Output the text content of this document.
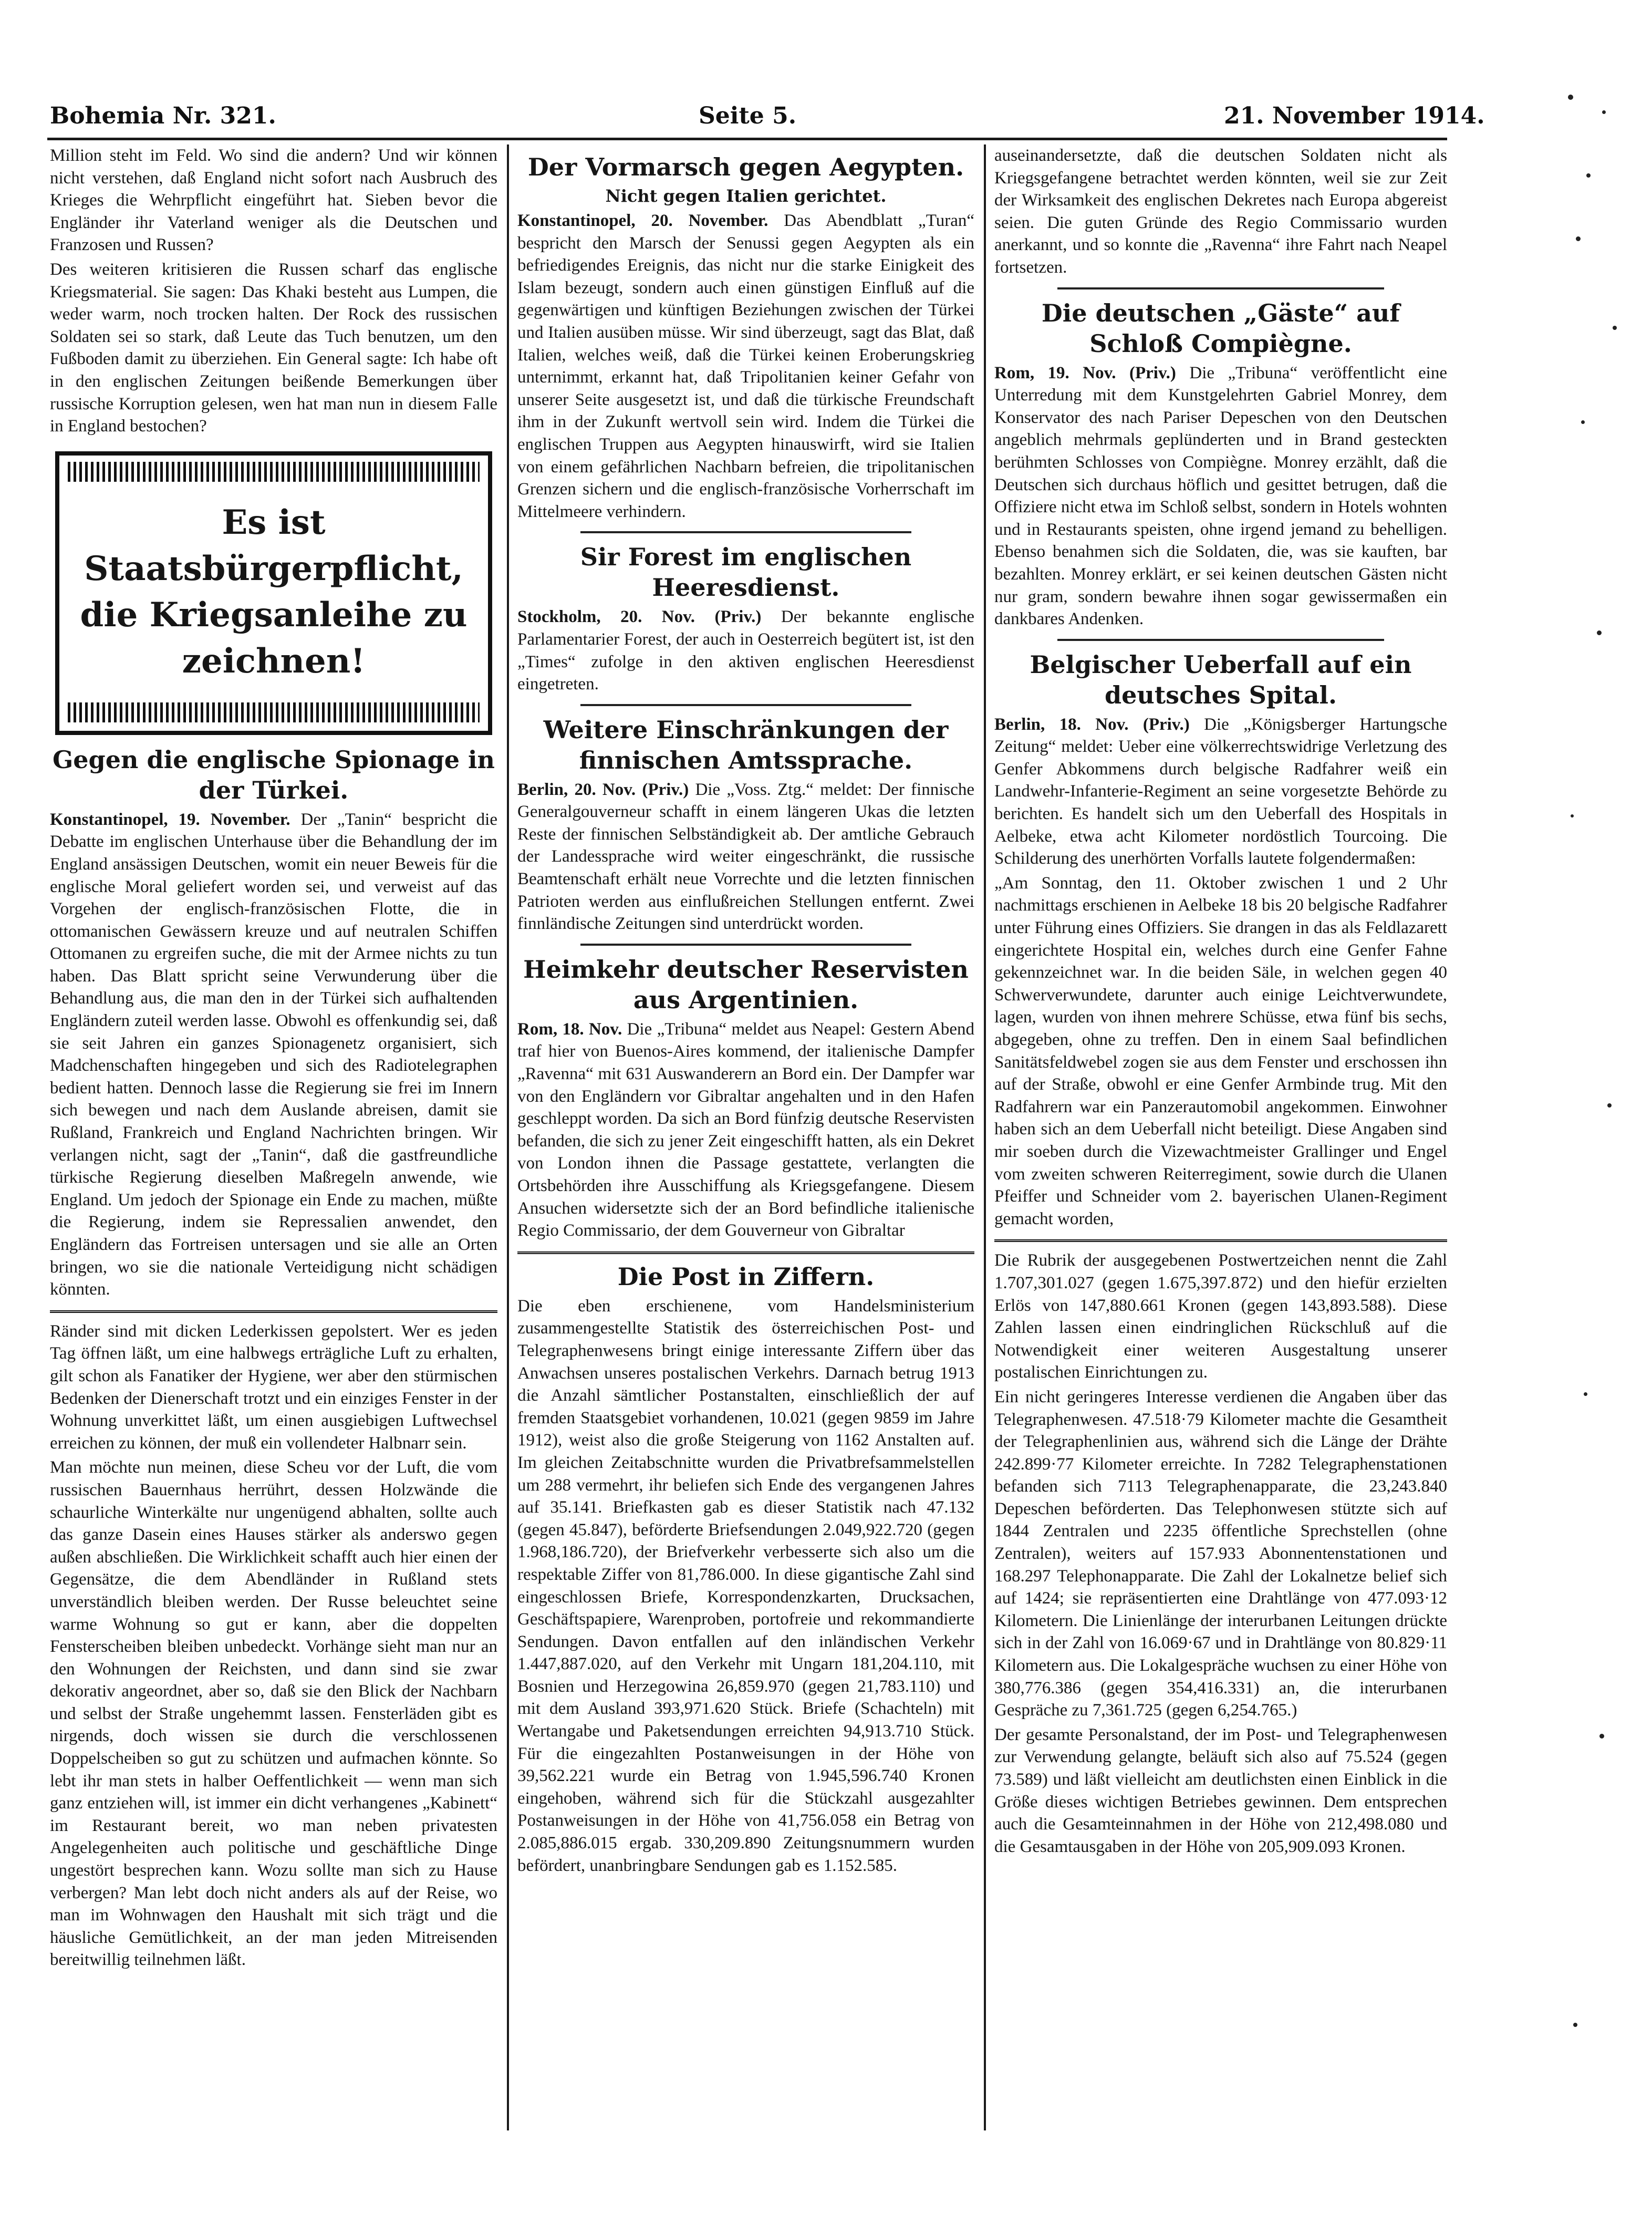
Bohemia Nr. 321.	Seite 5.	21. November 1914.

Million steht im Feld. Wo sind die andern? Und wir können nicht verstehen, daß England nicht sofort nach Ausbruch des Krieges die Wehrpflicht eingeführt hat. Sieben bevor die Engländer ihr Vaterland weniger als die Deutschen und Franzosen und Russen?

Des weiteren kritisieren die Russen scharf das englische Kriegsmaterial. Sie sagen: Das Khaki besteht aus Lumpen, die weder warm, noch trocken halten. Der Rock des russischen Soldaten sei so stark, daß Leute das Tuch benutzen, um den Fußboden damit zu überziehen. Ein General sagte: Ich habe oft in den englischen Zeitungen beißende Bemerkungen über russische Korruption gelesen, wen hat man nun in diesem Falle in England bestochen?

Es ist Staatsbürgerpflicht, die Kriegsanleihe zu zeichnen!
Gegen die englische Spionage in der Türkei.

Konstantinopel, 19. November. Der „Tanin“ bespricht die Debatte im englischen Unterhause über die Behandlung der im England ansässigen Deutschen, womit ein neuer Beweis für die englische Moral geliefert worden sei, und verweist auf das Vorgehen der englisch-französischen Flotte, die in ottomanischen Gewässern kreuze und auf neutralen Schiffen Ottomanen zu ergreifen suche, die mit der Armee nichts zu tun haben. Das Blatt spricht seine Verwunderung über die Behandlung aus, die man den in der Türkei sich aufhaltenden Engländern zuteil werden lasse. Obwohl es offenkundig sei, daß sie seit Jahren ein ganzes Spionagenetz organisiert, sich Madchenschaften hingegeben und sich des Radiotelegraphen bedient hatten. Dennoch lasse die Regierung sie frei im Innern sich bewegen und nach dem Auslande abreisen, damit sie Rußland, Frankreich und England Nachrichten bringen. Wir verlangen nicht, sagt der „Tanin“, daß die gastfreundliche türkische Regierung dieselben Maßregeln anwende, wie England. Um jedoch der Spionage ein Ende zu machen, müßte die Regierung, indem sie Repressalien anwendet, den Engländern das Fortreisen untersagen und sie alle an Orten bringen, wo sie die nationale Verteidigung nicht schädigen könnten.

Ränder sind mit dicken Lederkissen gepolstert. Wer es jeden Tag öffnen läßt, um eine halbwegs erträgliche Luft zu erhalten, gilt schon als Fanatiker der Hygiene, wer aber den stürmischen Bedenken der Dienerschaft trotzt und ein einziges Fenster in der Wohnung unverkittet läßt, um einen ausgiebigen Luftwechsel erreichen zu können, der muß ein vollendeter Halbnarr sein.

Man möchte nun meinen, diese Scheu vor der Luft, die vom russischen Bauernhaus herrührt, dessen Holzwände die schaurliche Winterkälte nur ungenügend abhalten, sollte auch das ganze Dasein eines Hauses stärker als anderswo gegen außen abschließen. Die Wirklichkeit schafft auch hier einen der Gegensätze, die dem Abendländer in Rußland stets unverständlich bleiben werden. Der Russe beleuchtet seine warme Wohnung so gut er kann, aber die doppelten Fensterscheiben bleiben unbedeckt. Vorhänge sieht man nur an den Wohnungen der Reichsten, und dann sind sie zwar dekorativ angeordnet, aber so, daß sie den Blick der Nachbarn und selbst der Straße ungehemmt lassen. Fensterläden gibt es nirgends, doch wissen sie durch die verschlossenen Doppelscheiben so gut zu schützen und aufmachen könnte. So lebt ihr man stets in halber Oeffentlichkeit — wenn man sich ganz entziehen will, ist immer ein dicht verhangenes „Kabinett“ im Restaurant bereit, wo man neben privatesten Angelegenheiten auch politische und geschäftliche Dinge ungestört besprechen kann. Wozu sollte man sich zu Hause verbergen? Man lebt doch nicht anders als auf der Reise, wo man im Wohnwagen den Haushalt mit sich trägt und die häusliche Gemütlichkeit, an der man jeden Mitreisenden bereitwillig teilnehmen läßt.

Der Vormarsch gegen Aegypten.
Nicht gegen Italien gerichtet.

Konstantinopel, 20. November. Das Abendblatt „Turan“ bespricht den Marsch der Senussi gegen Aegypten als ein befriedigendes Ereignis, das nicht nur die starke Einigkeit des Islam bezeugt, sondern auch einen günstigen Einfluß auf die gegenwärtigen und künftigen Beziehungen zwischen der Türkei und Italien ausüben müsse. Wir sind überzeugt, sagt das Blat, daß Italien, welches weiß, daß die Türkei keinen Eroberungskrieg unternimmt, erkannt hat, daß Tripolitanien keiner Gefahr von unserer Seite ausgesetzt ist, und daß die türkische Freundschaft ihm in der Zukunft wertvoll sein wird. Indem die Türkei die englischen Truppen aus Aegypten hinauswirft, wird sie Italien von einem gefährlichen Nachbarn befreien, die tripolitanischen Grenzen sichern und die englisch-französische Vorherrschaft im Mittelmeere verhindern.

Sir Forest im englischen Heeresdienst.

Stockholm, 20. Nov. (Priv.) Der bekannte englische Parlamentarier Forest, der auch in Oesterreich begütert ist, ist den „Times“ zufolge in den aktiven englischen Heeresdienst eingetreten.

Weitere Einschränkungen der finnischen Amtssprache.

Berlin, 20. Nov. (Priv.) Die „Voss. Ztg.“ meldet: Der finnische Generalgouverneur schafft in einem längeren Ukas die letzten Reste der finnischen Selbständigkeit ab. Der amtliche Gebrauch der Landessprache wird weiter eingeschränkt, die russische Beamtenschaft erhält neue Vorrechte und die letzten finnischen Patrioten werden aus einflußreichen Stellungen entfernt. Zwei finnländische Zeitungen sind unterdrückt worden.

Heimkehr deutscher Reservisten aus Argentinien.

Rom, 18. Nov. Die „Tribuna“ meldet aus Neapel: Gestern Abend traf hier von Buenos-Aires kommend, der italienische Dampfer „Ravenna“ mit 631 Auswanderern an Bord ein. Der Dampfer war von den Engländern vor Gibraltar angehalten und in den Hafen geschleppt worden. Da sich an Bord fünfzig deutsche Reservisten befanden, die sich zu jener Zeit eingeschifft hatten, als ein Dekret von London ihnen die Passage gestattete, verlangten die Ortsbehörden ihre Ausschiffung als Kriegsgefangene. Diesem Ansuchen widersetzte sich der an Bord befindliche italienische Regio Commissario, der dem Gouverneur von Gibraltar

Die Post in Ziffern.

Die eben erschienene, vom Handelsministerium zusammengestellte Statistik des österreichischen Post- und Telegraphenwesens bringt einige interessante Ziffern über das Anwachsen unseres postalischen Verkehrs. Darnach betrug 1913 die Anzahl sämtlicher Postanstalten, einschließlich der auf fremden Staatsgebiet vorhandenen, 10.021 (gegen 9859 im Jahre 1912), weist also die große Steigerung von 1162 Anstalten auf. Im gleichen Zeitabschnitte wurden die Privatbrefsammelstellen um 288 vermehrt, ihr beliefen sich Ende des vergangenen Jahres auf 35.141. Briefkasten gab es dieser Statistik nach 47.132 (gegen 45.847), beförderte Briefsendungen 2.049,922.720 (gegen 1.968,186.720), der Briefverkehr verbesserte sich also um die respektable Ziffer von 81,786.000. In diese gigantische Zahl sind eingeschlossen Briefe, Korrespondenzkarten, Drucksachen, Geschäftspapiere, Warenproben, portofreie und rekommandierte Sendungen. Davon entfallen auf den inländischen Verkehr 1.447,887.020, auf den Verkehr mit Ungarn 181,204.110, mit Bosnien und Herzegowina 26,859.970 (gegen 21,783.110) und mit dem Ausland 393,971.620 Stück. Briefe (Schachteln) mit Wertangabe und Paketsendungen erreichten 94,913.710 Stück. Für die eingezahlten Postanweisungen in der Höhe von 39,562.221 wurde ein Betrag von 1.945,596.740 Kronen eingehoben, während sich für die Stückzahl ausgezahlter Postanweisungen in der Höhe von 41,756.058 ein Betrag von 2.085,886.015 ergab. 330,209.890 Zeitungsnummern wurden befördert, unanbringbare Sendungen gab es 1.152.585.

auseinandersetzte, daß die deutschen Soldaten nicht als Kriegsgefangene betrachtet werden könnten, weil sie zur Zeit der Wirksamkeit des englischen Dekretes nach Europa abgereist seien. Die guten Gründe des Regio Commissario wurden anerkannt, und so konnte die „Ravenna“ ihre Fahrt nach Neapel fortsetzen.

Die deutschen „Gäste“ auf Schloß Compiègne.

Rom, 19. Nov. (Priv.) Die „Tribuna“ veröffentlicht eine Unterredung mit dem Kunstgelehrten Gabriel Monrey, dem Konservator des nach Pariser Depeschen von den Deutschen angeblich mehrmals geplünderten und in Brand gesteckten berühmten Schlosses von Compiègne. Monrey erzählt, daß die Deutschen sich durchaus höflich und gesittet betrugen, daß die Offiziere nicht etwa im Schloß selbst, sondern in Hotels wohnten und in Restaurants speisten, ohne irgend jemand zu behelligen. Ebenso benahmen sich die Soldaten, die, was sie kauften, bar bezahlten. Monrey erklärt, er sei keinen deutschen Gästen nicht nur gram, sondern bewahre ihnen sogar gewissermaßen ein dankbares Andenken.

Belgischer Ueberfall auf ein deutsches Spital.

Berlin, 18. Nov. (Priv.) Die „Königsberger Hartungsche Zeitung“ meldet: Ueber eine völkerrechtswidrige Verletzung des Genfer Abkommens durch belgische Radfahrer weiß ein Landwehr-Infanterie-Regiment an seine vorgesetzte Behörde zu berichten. Es handelt sich um den Ueberfall des Hospitals in Aelbeke, etwa acht Kilometer nordöstlich Tourcoing. Die Schilderung des unerhörten Vorfalls lautete folgendermaßen:

„Am Sonntag, den 11. Oktober zwischen 1 und 2 Uhr nachmittags erschienen in Aelbeke 18 bis 20 belgische Radfahrer unter Führung eines Offiziers. Sie drangen in das als Feldlazarett eingerichtete Hospital ein, welches durch eine Genfer Fahne gekennzeichnet war. In die beiden Säle, in welchen gegen 40 Schwerverwundete, darunter auch einige Leichtverwundete, lagen, wurden von ihnen mehrere Schüsse, etwa fünf bis sechs, abgegeben, ohne zu treffen. Den in einem Saal befindlichen Sanitätsfeldwebel zogen sie aus dem Fenster und erschossen ihn auf der Straße, obwohl er eine Genfer Armbinde trug. Mit den Radfahrern war ein Panzerautomobil angekommen. Einwohner haben sich an dem Ueberfall nicht beteiligt. Diese Angaben sind mir soeben durch die Vizewachtmeister Grallinger und Engel vom zweiten schweren Reiterregiment, sowie durch die Ulanen Pfeiffer und Schneider vom 2. bayerischen Ulanen-Regiment gemacht worden,

Die Rubrik der ausgegebenen Postwertzeichen nennt die Zahl 1.707,301.027 (gegen 1.675,397.872) und den hiefür erzielten Erlös von 147,880.661 Kronen (gegen 143,893.588). Diese Zahlen lassen einen eindringlichen Rückschluß auf die Notwendigkeit einer weiteren Ausgestaltung unserer postalischen Einrichtungen zu.

Ein nicht geringeres Interesse verdienen die Angaben über das Telegraphenwesen. 47.518·79 Kilometer machte die Gesamtheit der Telegraphenlinien aus, während sich die Länge der Drähte 242.899·77 Kilometer erreichte. In 7282 Telegraphenstationen befanden sich 7113 Telegraphenapparate, die 23,243.840 Depeschen beförderten. Das Telephonwesen stützte sich auf 1844 Zentralen und 2235 öffentliche Sprechstellen (ohne Zentralen), weiters auf 157.933 Abonnentenstationen und 168.297 Telephonapparate. Die Zahl der Lokalnetze belief sich auf 1424; sie repräsentierten eine Drahtlänge von 477.093·12 Kilometern. Die Linienlänge der interurbanen Leitungen drückte sich in der Zahl von 16.069·67 und in Drahtlänge von 80.829·11 Kilometern aus. Die Lokalgespräche wuchsen zu einer Höhe von 380,776.386 (gegen 354,416.331) an, die interurbanen Gespräche zu 7,361.725 (gegen 6,254.765.)

Der gesamte Personalstand, der im Post- und Telegraphenwesen zur Verwendung gelangte, beläuft sich also auf 75.524 (gegen 73.589) und läßt vielleicht am deutlichsten einen Einblick in die Größe dieses wichtigen Betriebes gewinnen. Dem entsprechen auch die Gesamteinnahmen in der Höhe von 212,498.080 und die Gesamtausgaben in der Höhe von 205,909.093 Kronen.
